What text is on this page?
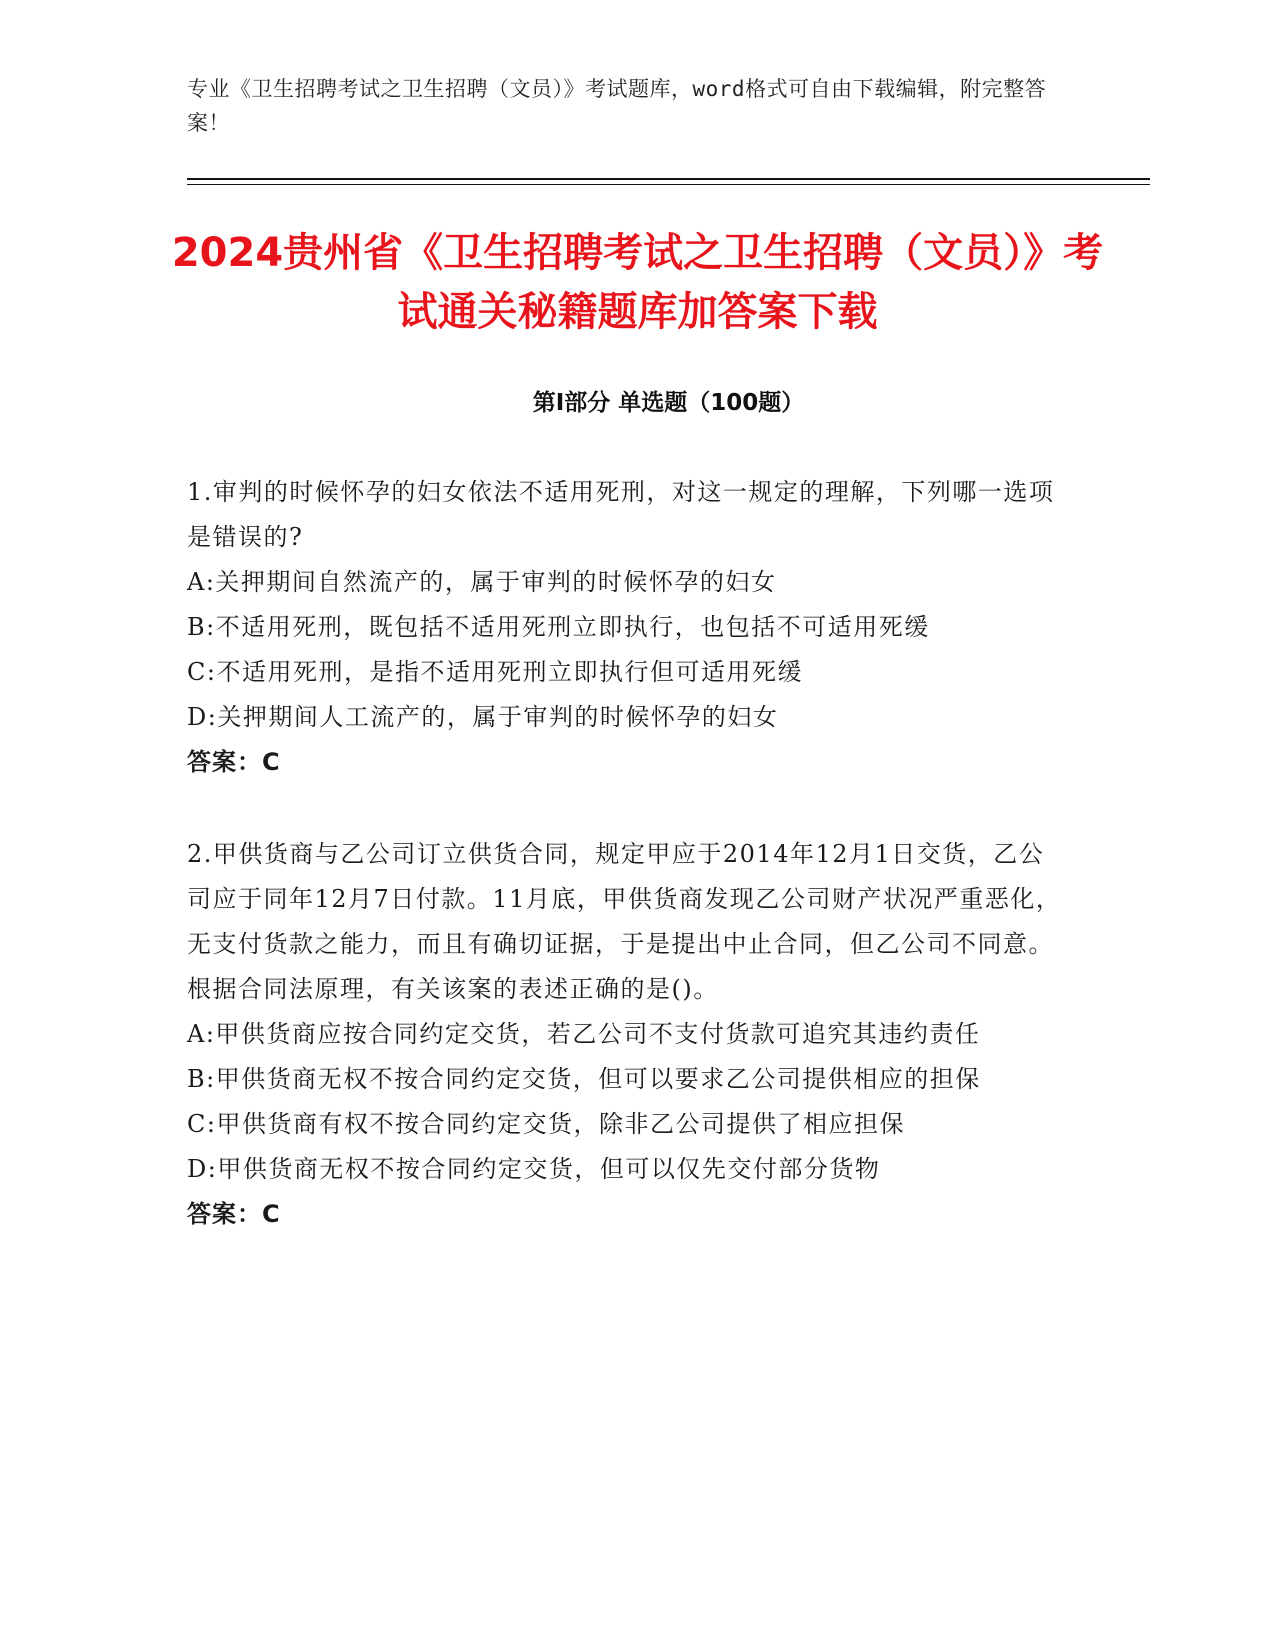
专业《卫生招聘考试之卫生招聘（文员）》考试题库，word格式可自由下载编辑，附完整答案！
2024贵州省《卫生招聘考试之卫生招聘（文员）》考试通关秘籍题库加答案下载
第Ⅰ部分 单选题（100题）

1.审判的时候怀孕的妇女依法不适用死刑，对这一规定的理解，下列哪一选项是错误的?

A: 关押期间自然流产的，属于审判的时候怀孕的妇女

B: 不适用死刑，既包括不适用死刑立即执行，也包括不可适用死缓

C: 不适用死刑，是指不适用死刑立即执行但可适用死缓

D: 关押期间人工流产的，属于审判的时候怀孕的妇女

答案：C

2.甲供货商与乙公司订立供货合同，规定甲应于2014年12月1日交货，乙公司应于同年12月7日付款。11月底，甲供货商发现乙公司财产状况严重恶化，无支付货款之能力，而且有确切证据，于是提出中止合同，但乙公司不同意。根据合同法原理，有关该案的表述正确的是()。

A: 甲供货商应按合同约定交货，若乙公司不支付货款可追究其违约责任

B: 甲供货商无权不按合同约定交货，但可以要求乙公司提供相应的担保

C: 甲供货商有权不按合同约定交货，除非乙公司提供了相应担保

D: 甲供货商无权不按合同约定交货，但可以仅先交付部分货物

答案：C
